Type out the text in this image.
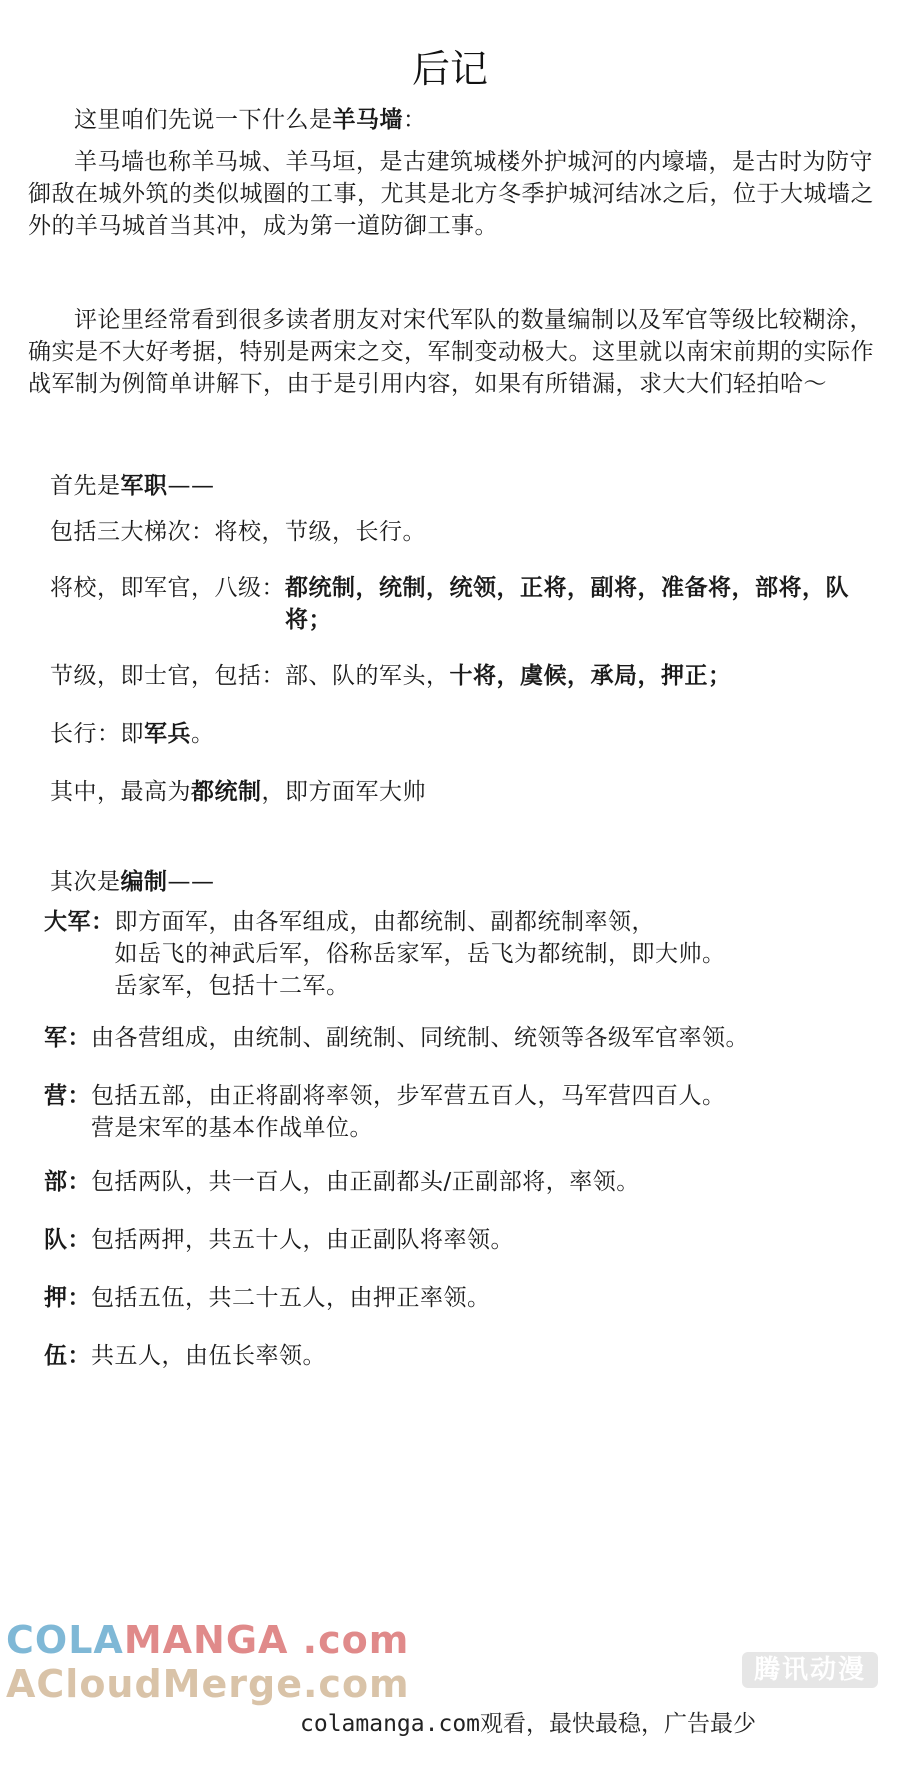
后记
这里咱们先说一下什么是羊马墙：
羊马墙也称羊马城、羊马垣，是古建筑城楼外护城河的内壕墙，是古时为防守御敌在城外筑的类似城圈的工事，尤其是北方冬季护城河结冰之后，位于大城墙之外的羊马城首当其冲，成为第一道防御工事。
评论里经常看到很多读者朋友对宋代军队的数量编制以及军官等级比较糊涂，确实是不大好考据，特别是两宋之交，军制变动极大。这里就以南宋前期的实际作战军制为例简单讲解下，由于是引用内容，如果有所错漏，求大大们轻拍哈～
首先是军职——
包括三大梯次：将校，节级，长行。
将校，即军官，八级： 都统制，统制，统领，正将，副将，准备将，部将，队将；
节级，即士官，包括：部、队的军头，十将，虞候，承局，押正；
长行：即军兵。
其中，最高为都统制，即方面军大帅
其次是编制——
大军： 即方面军，由各军组成，由都统制、副都统制率领，
如岳飞的神武后军，俗称岳家军，岳飞为都统制，即大帅。
岳家军，包括十二军。
军： 由各营组成，由统制、副统制、同统制、统领等各级军官率领。
营： 包括五部，由正将副将率领，步军营五百人，马军营四百人。
营是宋军的基本作战单位。
部： 包括两队，共一百人，由正副都头/正副部将，率领。
队： 包括两押，共五十人，由正副队将率领。
押： 包括五伍，共二十五人，由押正率领。
伍： 共五人，由伍长率领。
COLAMANGA .com
ACloudMerge.com	腾讯动漫
colamanga.com观看，最快最稳，广告最少
